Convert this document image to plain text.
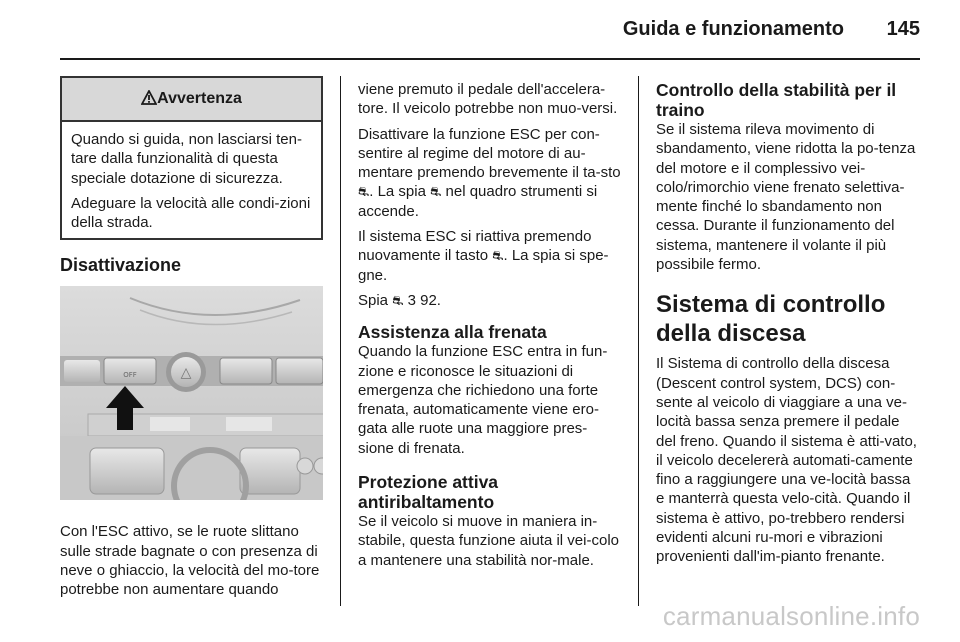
Guida e funzionamento 145
Avvertenza

Quando si guida, non lasciarsi ten-tare dalla funzionalità di questa speciale dotazione di sicurezza.

Adeguare la velocità alle condi-zioni della strada.

Disattivazione
OFF	△

Con l'ESC attivo, se le ruote slittano sulle strade bagnate o con presenza di neve o ghiaccio, la velocità del mo-tore potrebbe non aumentare quando

viene premuto il pedale dell'accelera-tore. Il veicolo potrebbe non muo-versi.

Disattivare la funzione ESC per con-sentire al regime del motore di au-mentare premendo brevemente il ta-sto ⛐. La spia ⛐ nel quadro strumenti si accende.

Il sistema ESC si riattiva premendo nuovamente il tasto ⛐. La spia si spe-gne.

Spia ⛐ 3 92.

Assistenza alla frenata

Quando la funzione ESC entra in fun-zione e riconosce le situazioni di emergenza che richiedono una forte frenata, automaticamente viene ero-gata alle ruote una maggiore pres-sione di frenata.

Protezione attiva antiribaltamento

Se il veicolo si muove in maniera in-stabile, questa funzione aiuta il vei-colo a mantenere una stabilità nor-male.

Controllo della stabilità per il traino

Se il sistema rileva movimento di sbandamento, viene ridotta la po-tenza del motore e il complessivo vei-colo/rimorchio viene frenato selettiva-mente finché lo sbandamento non cessa. Durante il funzionamento del sistema, mantenere il volante il più possibile fermo.

Sistema di controllo della discesa

Il Sistema di controllo della discesa (Descent control system, DCS) con-sente al veicolo di viaggiare a una ve-locità bassa senza premere il pedale del freno. Quando il sistema è atti-vato, il veicolo decelererà automati-camente fino a raggiungere una ve-locità bassa e manterrà questa velo-cità. Quando il sistema è attivo, po-trebbero rendersi evidenti alcuni ru-mori e vibrazioni provenienti dall'im-pianto frenante.

carmanualsonline.info
